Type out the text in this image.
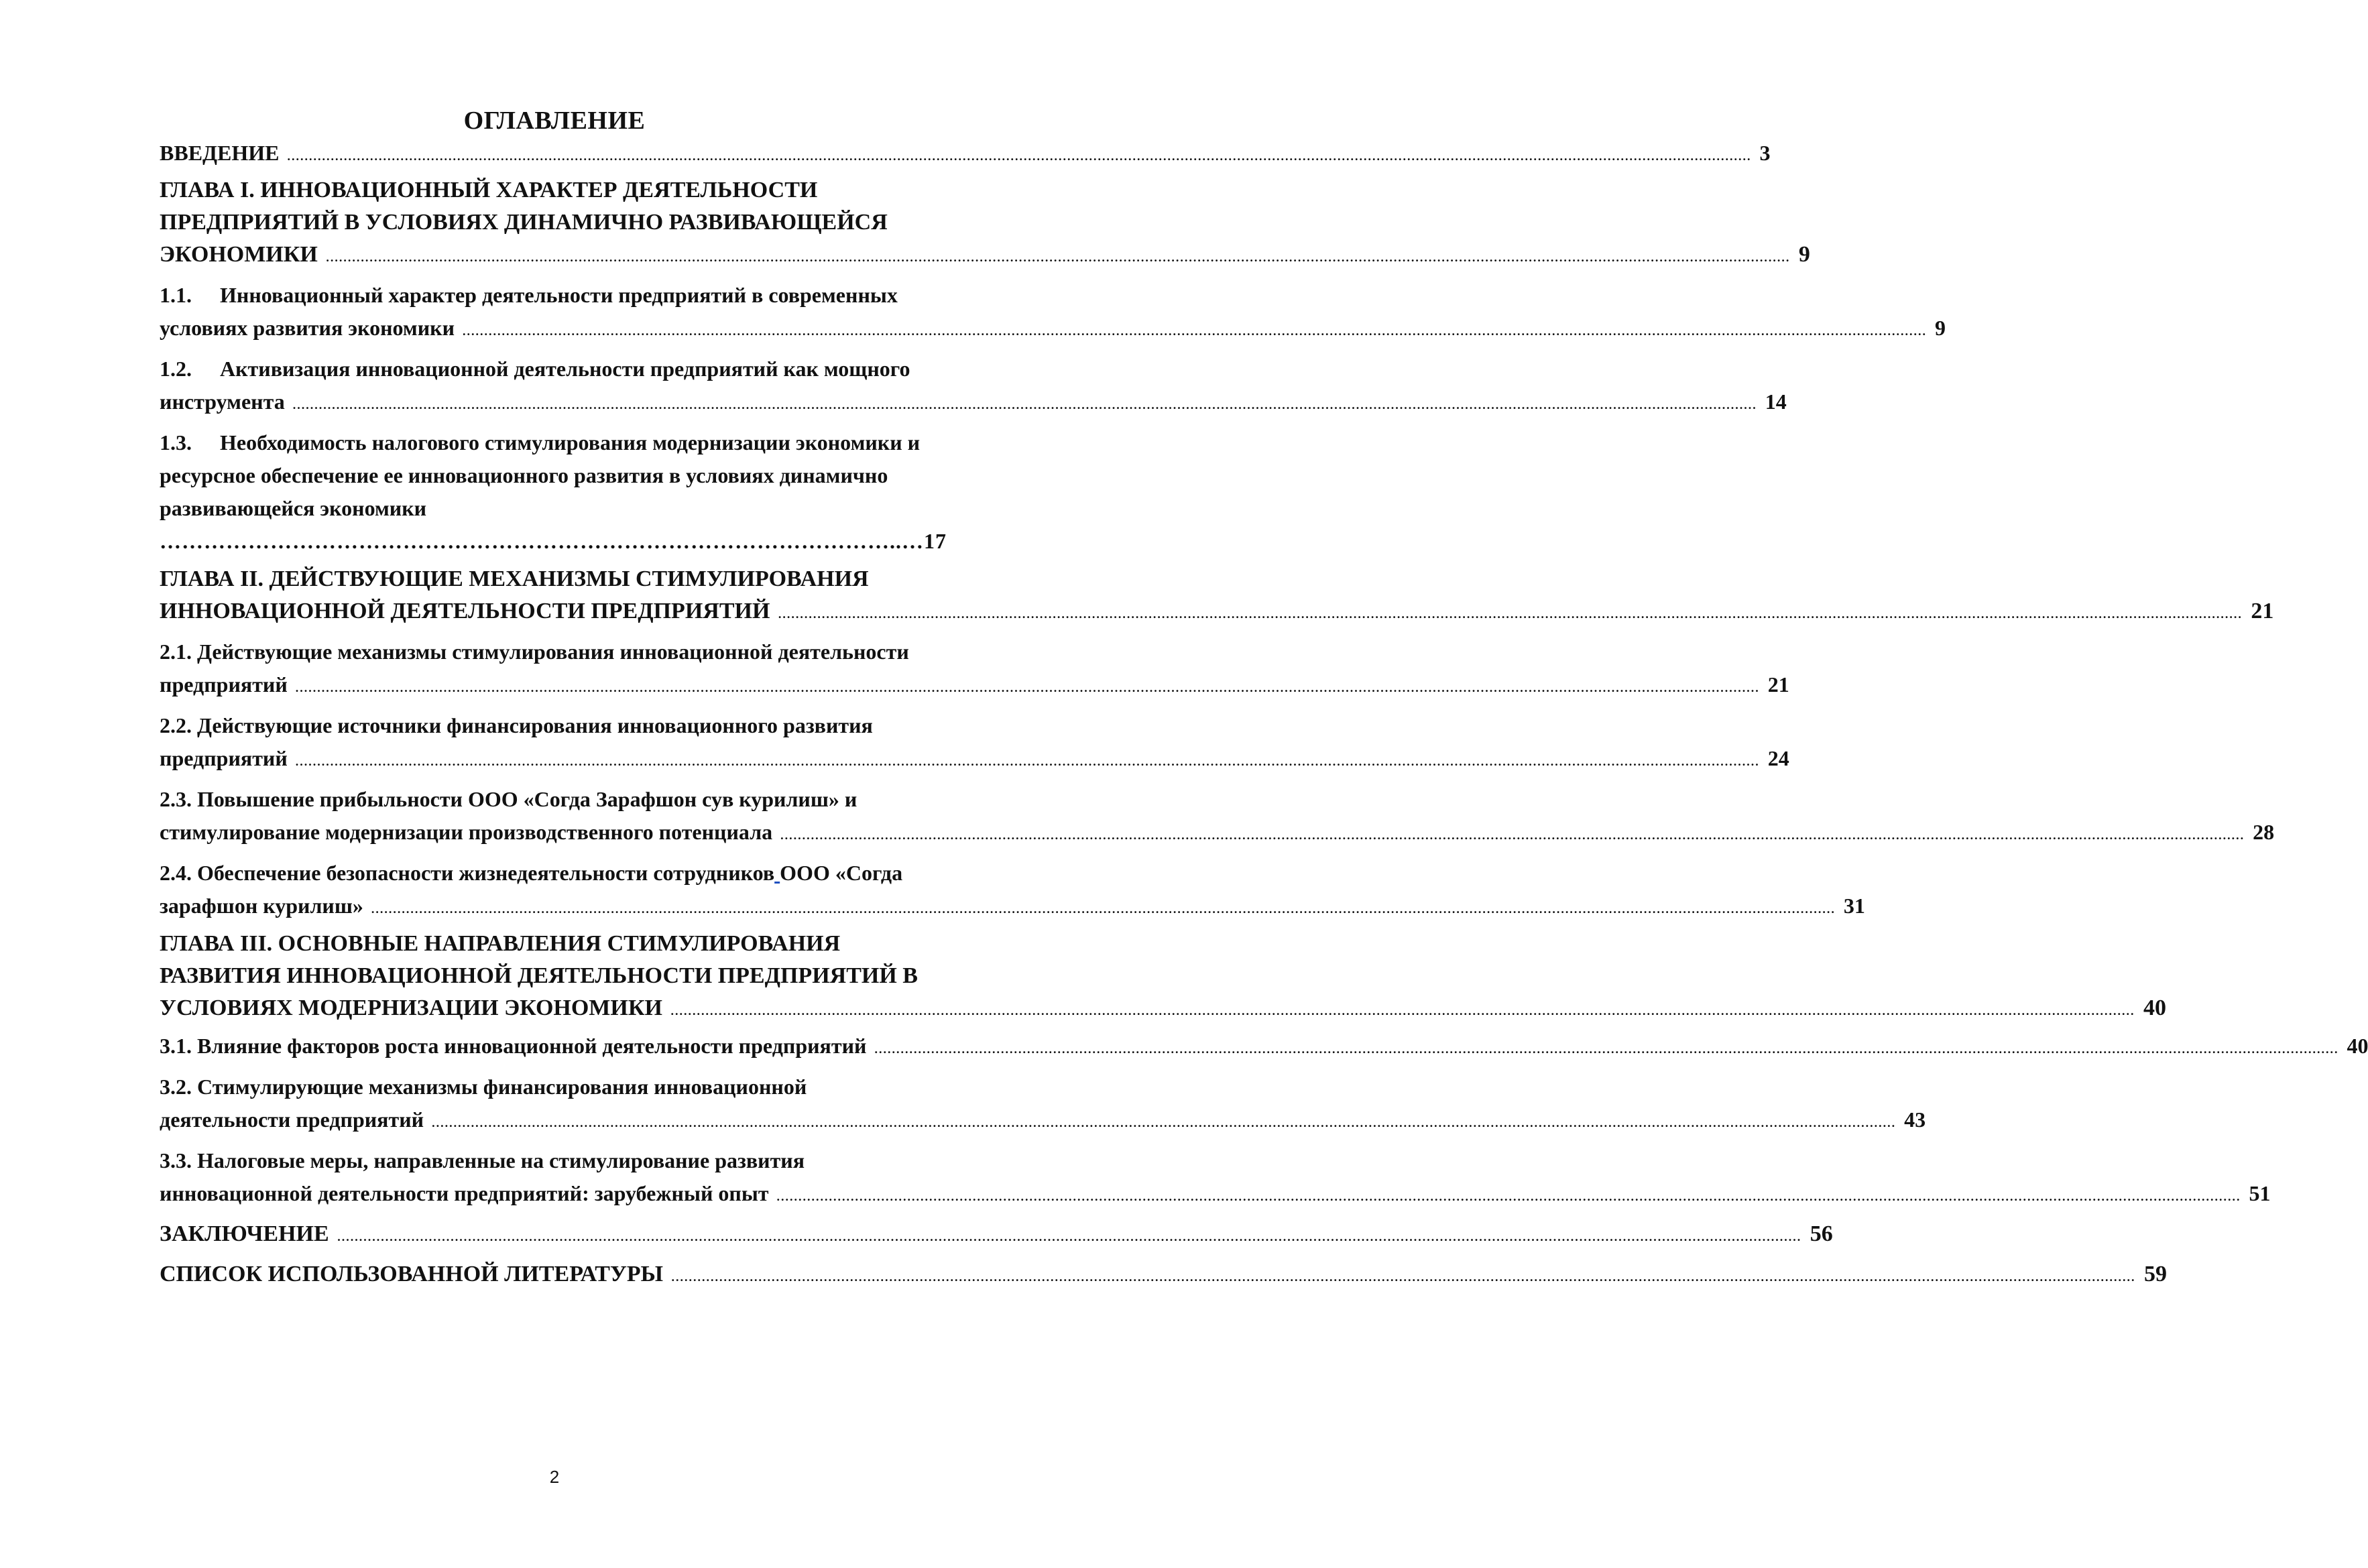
ОГЛАВЛЕНИЕ
ВВЕДЕНИЕ .....	3
ГЛАВА I. ИННОВАЦИОННЫЙ ХАРАКТЕР ДЕЯТЕЛЬНОСТИ
ПРЕДПРИЯТИЙ В УСЛОВИЯХ ДИНАМИЧНО РАЗВИВАЮЩЕЙСЯ
ЭКОНОМИКИ .....	9
1.1. Инновационный характер деятельности предприятий в современных
условиях развития экономики .....	9
1.2. Активизация инновационной деятельности предприятий как мощного
инструмента .....	14
1.3. Необходимость налогового стимулирования модернизации экономики и
ресурсное обеспечение ее инновационного развития в условиях динамично
развивающейся экономики
………………………………………………………………………………………..… 17
ГЛАВА II. ДЕЙСТВУЮЩИЕ МЕХАНИЗМЫ СТИМУЛИРОВАНИЯ
ИННОВАЦИОННОЙ ДЕЯТЕЛЬНОСТИ ПРЕДПРИЯТИЙ .....	21
2.1. Действующие механизмы стимулирования инновационной деятельности
предприятий .....	21
2.2. Действующие источники финансирования инновационного развития
предприятий .....	24
2.3. Повышение прибыльности ООО «Согда Зарафшон сув курилиш» и
стимулирование модернизации производственного потенциала .....	28
2.4. Обеспечение безопасности жизнедеятельности сотрудников ООО «Согда
зарафшон курилиш» .....	31
ГЛАВА III. ОСНОВНЫЕ НАПРАВЛЕНИЯ СТИМУЛИРОВАНИЯ
РАЗВИТИЯ ИННОВАЦИОННОЙ ДЕЯТЕЛЬНОСТИ ПРЕДПРИЯТИЙ В
УСЛОВИЯХ МОДЕРНИЗАЦИИ ЭКОНОМИКИ .....	40
3.1. Влияние факторов роста инновационной деятельности предприятий .....	40
3.2. Стимулирующие механизмы финансирования инновационной
деятельности предприятий .....	43
3.3. Налоговые меры, направленные на стимулирование развития
инновационной деятельности предприятий: зарубежный опыт .....	51
ЗАКЛЮЧЕНИЕ .....	56
СПИСОК ИСПОЛЬЗОВАННОЙ ЛИТЕРАТУРЫ .....	59
2
